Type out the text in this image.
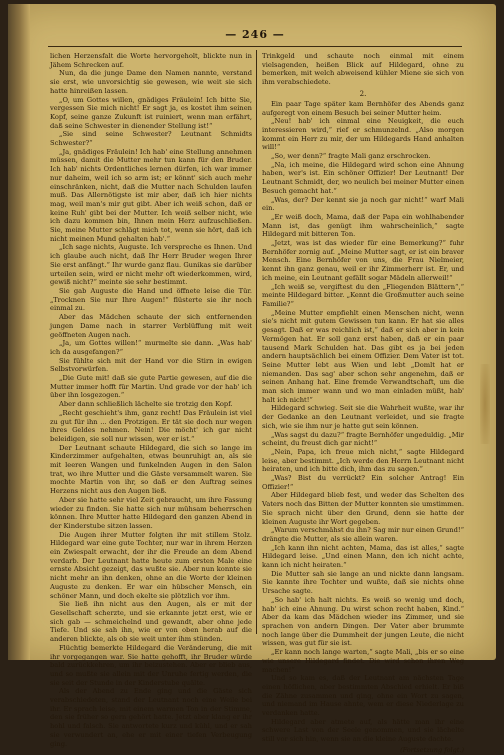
— 246 —

lichen Herzensfalt die Worte hervorgeholt, blickte nun in Jähem Schrecken auf.

Nun, da die junge Dame den Namen nannte, verstand sie erst, wie unvorsichtig sie gewesen, wie weit sie sich hatte hinreißen lassen.

„O, um Gottes willen, gnädiges Fräulein! Ich bitte Sie, vergessen Sie mich nicht! Er sagt ja, es kostet ihm seinen Kopf, seine ganze Zukunft ist ruiniert, wenn man erfährt, daß seine Schwester in dienender Stellung ist!“

„Sie sind seine Schwester? Leutnant Schmidts Schwester?“

„Ja, gnädiges Fräulein! Ich hab' eine Stellung annehmen müssen, damit die Mutter mehr tun kann für den Bruder. Ich hab' nichts Ordentliches lernen dürfen, ich war immer nur daheim, weil ich so arm ist; er könnt' sich auch mehr einschränken, nicht, daß die Mutter nach Schulden laufen muß. Das Allernötigste ist mir aber, daß ich hier nichts mag, weil man's mir gut gibt. Aber ich weiß schon, daß er keine Ruh' gibt bei der Mutter. Ich weiß selber nicht, wie ich dazu kommen bin, Ihnen mein Herz aufzuschließen. Sie, meine Mutter schlägt mich tot, wenn sie hört, daß ich nicht meinen Mund gehalten hab'.“

„Ich sage nichts, Auguste. Ich verspreche es Ihnen. Und ich glaube auch nicht, daß Ihr Herr Bruder wegen Ihrer Sie erst anfängt.“ Ihr wurde ganz flau. Gunikas sie darüber urteilen sein, wird er nicht mehr oft wiederkommen, wird, gewiß nicht?“ meinte sie sehr bestimmt.

Sie gab Auguste die Hand und öffnete leise die Tür. „Trocknen Sie nur Ihre Augen!“ flüsterte sie ihr noch einmal zu.

Aber das Mädchen schaute der sich entfernenden jungen Dame nach in starrer Verblüffung mit weit geöffneten Augen nach.

„Ja, um Gottes willen!“ murmelte sie dann. „Was hab' ich da ausgefangen?“

Sie fühlte sich mit der Hand vor die Stirn in ewigen Selbstvorwürfen.

„Die Gute mit! daß sie gute Partie gewesen, auf die die Mutter immer hofft für Martin. Und grade vor der hab' ich über ihn losgezogen.“

Aber dann schließlich lächelte sie trotzig den Kopf.

„Recht geschieht's ihm, ganz recht! Das Fräulein ist viel zu gut für ihn ... den Protzigen. Er tät sie doch nur wegen ihres Geldes nehmen. Nein! Die möcht' ich gar nicht beleidigen, sie soll nur wissen, wer er ist.“

Der Leutnant schaute Hildegard, die sich so lange im Kinderzimmer aufgehalten, etwas beunruhigt an, als sie mit leeren Wangen und funkelnden Augen in den Salon trat, wo ihre Mutter und die Gäste versammelt waren. Sie mochte Martin von ihr, so daß er den Auftrag seines Herzens nicht aus den Augen ließ.

Aber sie hatte sehr viel Zeit gebraucht, um ihre Fassung wieder zu finden. Sie hatte sich nur mühsam beherrschen können. Ihre Mutter hatte Hildegard den ganzen Abend in der Kinderstube sitzen lassen.

Die Augen ihrer Mutter folgten ihr mit stillem Stolz. Hildegard war eine gute Tochter, nur war in ihrem Herzen ein Zwiespalt erwacht, der ihr die Freude an dem Abend verdarb. Der Leutnant hatte heute zum ersten Male eine ernste Absicht gezeigt, das wußte sie. Aber nun konnte sie nicht mehr an ihn denken, ohne an die Worte der kleinen Auguste zu denken. Er war ein hübscher Mensch, ein schöner Mann, und doch ekelte sie plötzlich vor ihm.

Sie ließ ihn nicht aus den Augen, als er mit der Gesellschaft scherzte, und sie erkannte jetzt erst, wie er sich gab — schmeichelnd und gewandt, aber ohne jede Tiefe. Und sie sah ihn, wie er von oben herab auf die anderen blickte, als ob sie weit unter ihm stünden.

Flüchtig bemerkte Hildegard die Veränderung, die mit ihr vorgegangen war. Sie hatte gehofft, ihr Bruder würde bald zurückkehren, um ihr beizustehen. Aber er blieb aus, und so mußte sie allein mit der Unruhe fertig werden, die sie seit der Stunde in der Kinderstube quälte.

Als der Abend zu Ende ging und die Gäste sich verabschiedeten, stand der Leutnant noch eine Weile bei ihr. Er sprach leise, mit einem warmen Ton in der Stimme, den sie früher so gern gehört hatte. Jetzt aber klang er ihr hohl und falsch. Sie antwortete kurz und kühl, und er sah sie verwundert an, ehe er mit einer tiefen Verbeugung ging.

Trinkgeld und schaute noch einmal mit einem vielsagenden, heißen Blick auf Hildegard, ohne zu bemerken, mit welch abweisend kühler Miene sie sich von ihm verabschiedete.

2.

Ein paar Tage später kam Bernhöfer des Abends ganz aufgeregt von einem Besuch bei seiner Mutter heim.

„Neu! hab' ich einmal eine Neuigkeit, die euch interessieren wird,“ rief er schmunzelnd. „Also morgen kommt ein Herr zu mir, der um Hildegards Hand anhalten will!“

„So, wer denn?“ fragte Mali ganz erschrocken.

„Na, ich meine, die Hildegard wird schon eine Ahnung haben, wer's ist. Ein schöner Offizier! Der Leutnant! Der Leutnant Schmidt, der, wo neulich bei meiner Mutter einen Besuch gemacht hat.“

„Was, der? Der kennt sie ja noch gar nicht!“ warf Mali ein.

„Er weiß doch, Mama, daß der Papa ein wohlhabender Mann ist, das genügt ihm wahrscheinlich,“ sagte Hildegard mit bitteren Ton.

„Jetzt, was ist das wieder für eine Bemerkung?“ fuhr Bernhöfer zornig auf. „Meine Mutter sagt, er ist ein braver Mensch. Eine Bernhöfer von uns, die Frau Nielmeier, kennt ihn ganz genau, weil er ihr Zimmerherr ist. Er, und ich meine, ein Leutnant gefällt sogar Mädeln allerweil!“

„Ich weiß se, vergiftest du den „Fliegenden Blättern“,“ meinte Hildegard bitter. „Kennt die Großmutter auch seine Familie?“

„Meine Mutter empfiehlt einen Menschen nicht, wenn sie's nicht mit gutem Gewissen tun kann. Er hat sie alles gesagt. Daß er was reichlich ist,“ daß er sich aber in kein Vermögen hat. Er soll ganz erst haben, daß er ein paar tausend Mark Schulden hat. Das gibt es ja bei jeden andern hauptsächlich bei einem Offizier. Dem Vater ist tot. Seine Mutter lebt aus Wien und lebt „Domlt hat er niemanden. Das sag' aber schon sehr angenehm, daß er seinen Anhang hat. Eine fremde Verwandtschaft, um die man sich immer wann und wo man einladen müßt, hab' halt ich nicht!“

Hildegard schwieg. Seit sie die Wahrheit wußte, war ihr der Gedanke an den Leutnant verleidet, und sie fragte sich, wie sie ihm nur je hatte gut sein können.

„Was sagst du dazu?“ fragte Bernhöfer ungeduldig. „Mir scheint, du freust dich gar nicht!“

„Nein, Papa, ich freue mich nicht,“ sagte Hildegard leise, aber bestimmt. „Ich werde den Herrn Leutnant nicht heiraten, und ich bitte dich, ihm das zu sagen.“

„Was? Bist du verrückt? Ein solcher Antrag! Ein Offizier!“

Aber Hildegard blieb fest, und weder das Schelten des Vaters noch das Bitten der Mutter konnten sie umstimmen. Sie sprach nicht über den Grund, denn sie hatte der kleinen Auguste ihr Wort gegeben.

„Warum verschmähst du ihn? Sag mir nur einen Grund!“ drängte die Mutter, als sie allein waren.

„Ich kann ihn nicht achten, Mama, das ist alles,“ sagte Hildegard leise. „Und einen Mann, den ich nicht achte, kann ich nicht heiraten.“

Die Mutter sah sie lange an und nickte dann langsam. Sie kannte ihre Tochter und wußte, daß sie nichts ohne Ursache sagte.

„So hab' ich halt nichts. Es weiß so wenig und doch, hab' ich eine Ahnung. Du wirst schon recht haben, Kind.“ Aber da kam das Mädchen wieder ins Zimmer, und sie sprachen von andern Dingen. Der Vater aber brummte noch lange über die Dummheit der jungen Leute, die nicht wissen, was gut für sie ist.

„Er kann noch lange warten,“ sagte Mali, „bis er so eine wie unsere Hildegard findet. Die wird schon ihren Weg machen!“

Und so kam es, daß der Leutnant am nächsten Tage einen höflichen, aber bestimmten Abschied erhielt. Er biß die Zähne zusammen und ging, ohne ein Wort zu sagen, und niemand im Hause ahnte, wem er diese Niederlage zu verdanken hatte.

Hildegard aber atmete auf, als hätte man ihr eine schwere Last von der Seele genommen, und sie lächelte still vor sich hin, wenn sie an die kleine Auguste dachte.

(Fortsetzung folgt.)
